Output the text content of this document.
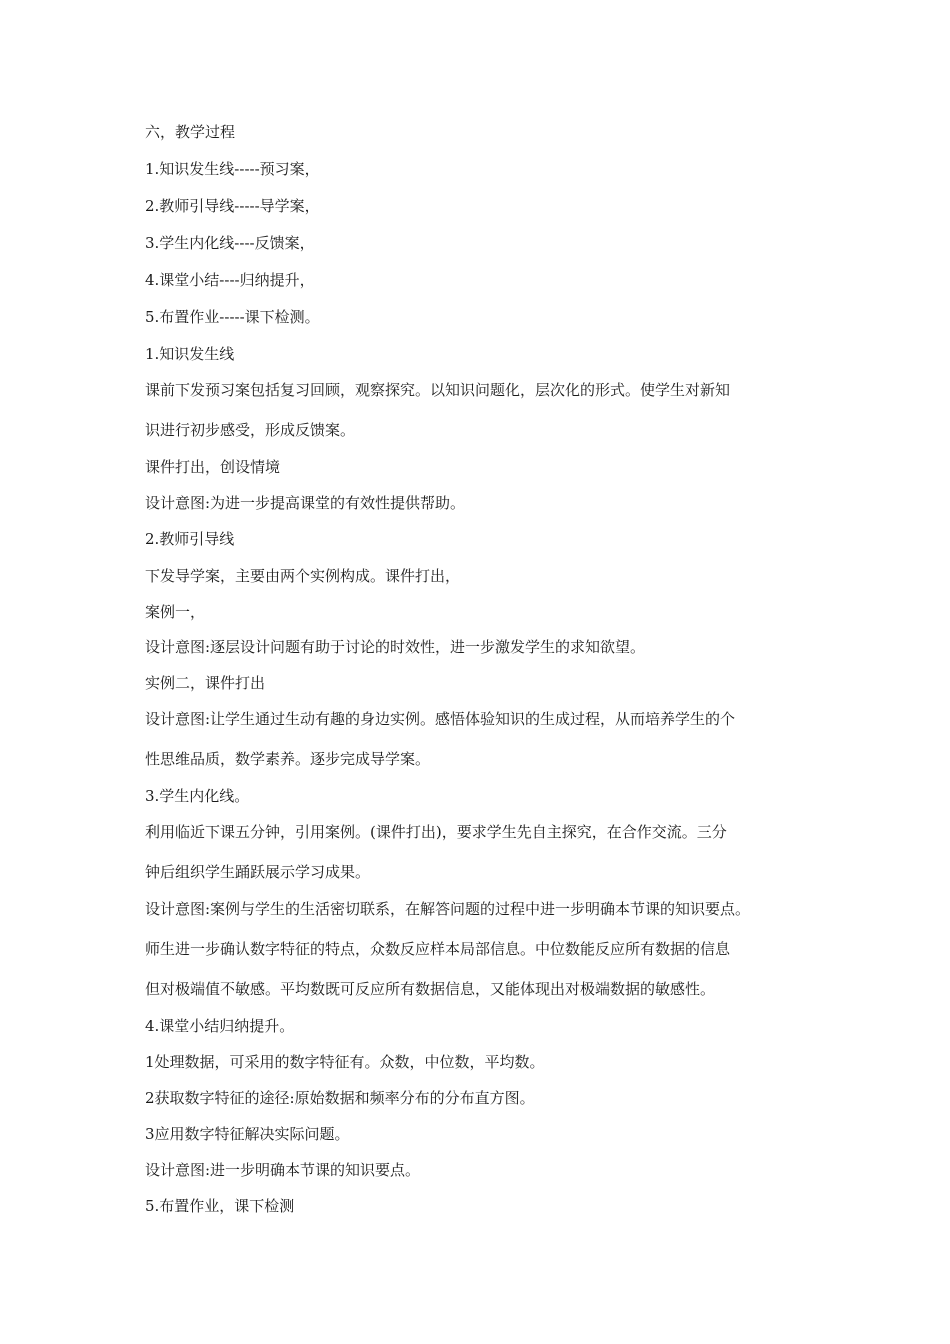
六，教学过程

1.知识发生线-----预习案，

2.教师引导线-----导学案，

3.学生内化线----反馈案，

4.课堂小结----归纳提升，

5.布置作业-----课下检测。

1.知识发生线

课前下发预习案包括复习回顾，观察探究。以知识问题化，层次化的形式。使学生对新知

识进行初步感受，形成反馈案。

课件打出，创设情境

设计意图:为进一步提高课堂的有效性提供帮助。

2.教师引导线

下发导学案，主要由两个实例构成。课件打出，

案例一，

设计意图:逐层设计问题有助于讨论的时效性，进一步激发学生的求知欲望。

实例二，课件打出

设计意图:让学生通过生动有趣的身边实例。感悟体验知识的生成过程，从而培养学生的个

性思维品质，数学素养。逐步完成导学案。

3.学生内化线。

利用临近下课五分钟，引用案例。(课件打出)，要求学生先自主探究，在合作交流。三分

钟后组织学生踊跃展示学习成果。

设计意图:案例与学生的生活密切联系，在解答问题的过程中进一步明确本节课的知识要点。

师生进一步确认数字特征的特点，众数反应样本局部信息。中位数能反应所有数据的信息

但对极端值不敏感。平均数既可反应所有数据信息，又能体现出对极端数据的敏感性。

4.课堂小结归纳提升。

1处理数据，可采用的数字特征有。众数，中位数，平均数。

2获取数字特征的途径:原始数据和频率分布的分布直方图。

3应用数字特征解决实际问题。

设计意图:进一步明确本节课的知识要点。

5.布置作业，课下检测
